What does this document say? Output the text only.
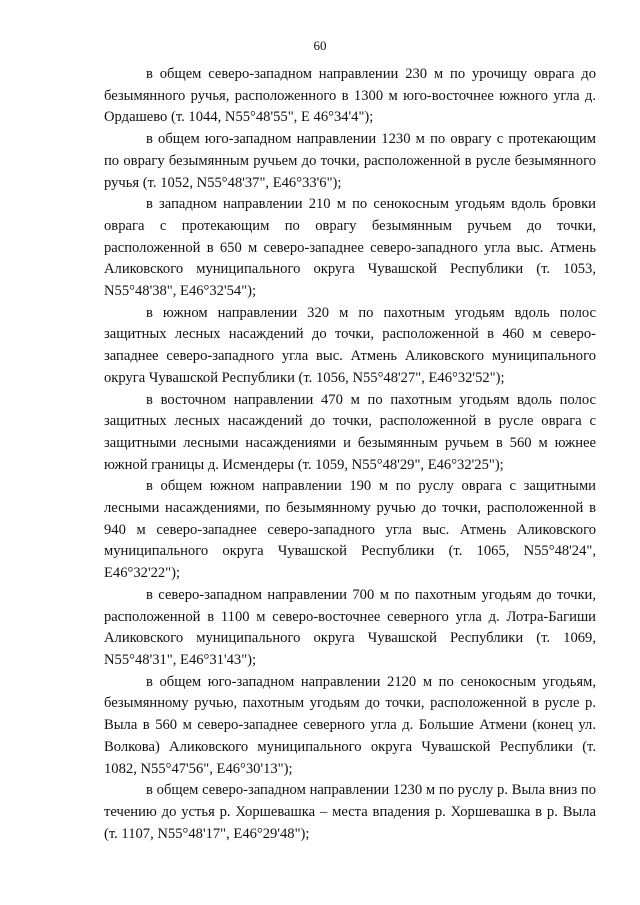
60

в общем северо-западном направлении 230 м по урочищу оврага до безымянного ручья, расположенного в 1300 м юго-восточнее южного угла д. Ордашево (т. 1044, N55°48'55", E 46°34'4");

в общем юго-западном направлении 1230 м по оврагу с протекающим по оврагу безымянным ручьем до точки, расположенной в русле безымянного ручья (т. 1052, N55°48'37", E46°33'6");

в западном направлении 210 м по сенокосным угодьям вдоль бровки оврага с протекающим по оврагу безымянным ручьем до точки, расположенной в 650 м северо-западнее северо-западного угла выс. Атмень Аликовского муниципального округа Чувашской Республики (т. 1053, N55°48'38", E46°32'54");

в южном направлении 320 м по пахотным угодьям вдоль полос защитных лесных насаждений до точки, расположенной в 460 м северо-западнее северо-западного угла выс. Атмень Аликовского муниципального округа Чувашской Республики (т. 1056, N55°48'27", E46°32'52");

в восточном направлении 470 м по пахотным угодьям вдоль полос защитных лесных насаждений до точки, расположенной в русле оврага с защитными лесными насаждениями и безымянным ручьем в 560 м южнее южной границы д. Исмендеры (т. 1059, N55°48'29", E46°32'25");

в общем южном направлении 190 м по руслу оврага с защитными лесными насаждениями, по безымянному ручью до точки, расположенной в 940 м северо-западнее северо-западного угла выс. Атмень Аликовского муниципального округа Чувашской Республики (т. 1065, N55°48'24", E46°32'22");

в северо-западном направлении 700 м по пахотным угодьям до точки, расположенной в 1100 м северо-восточнее северного угла д. Лотра-Багиши Аликовского муниципального округа Чувашской Республики (т. 1069, N55°48'31", E46°31'43");

в общем юго-западном направлении 2120 м по сенокосным угодьям, безымянному ручью, пахотным угодьям до точки, расположенной в русле р. Выла в 560 м северо-западнее северного угла д. Большие Атмени (конец ул. Волкова) Аликовского муниципального округа Чувашской Республики (т. 1082, N55°47'56", E46°30'13");

в общем северо-западном направлении 1230 м по руслу р. Выла вниз по течению до устья р. Хоршевашка – места впадения р. Хоршевашка в р. Выла (т. 1107, N55°48'17", E46°29'48");
